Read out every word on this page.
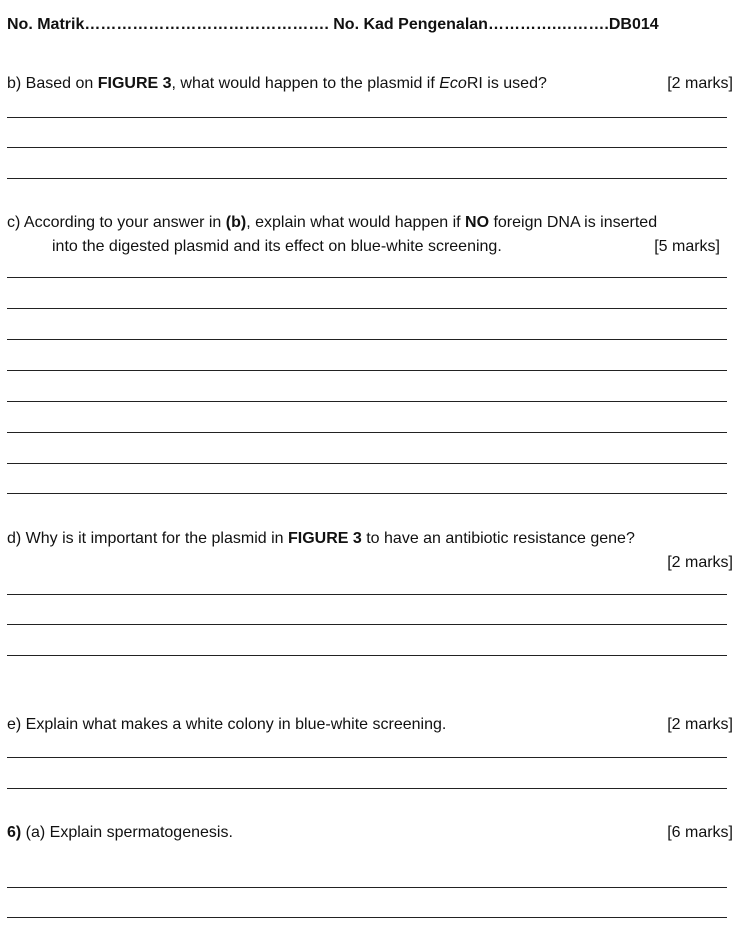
No. Matrik………………………………………. No. Kad Pengenalan………….……….DB014
b) Based on FIGURE 3, what would happen to the plasmid if EcoRI is used?	[2 marks]
c) According to your answer in (b), explain what would happen if NO foreign DNA is inserted
into the digested plasmid and its effect on blue-white screening.	[5 marks]
d) Why is it important for the plasmid in FIGURE 3 to have an antibiotic resistance gene?
[2 marks]
e) Explain what makes a white colony in blue-white screening.	[2 marks]
6) (a) Explain spermatogenesis.	[6 marks]
